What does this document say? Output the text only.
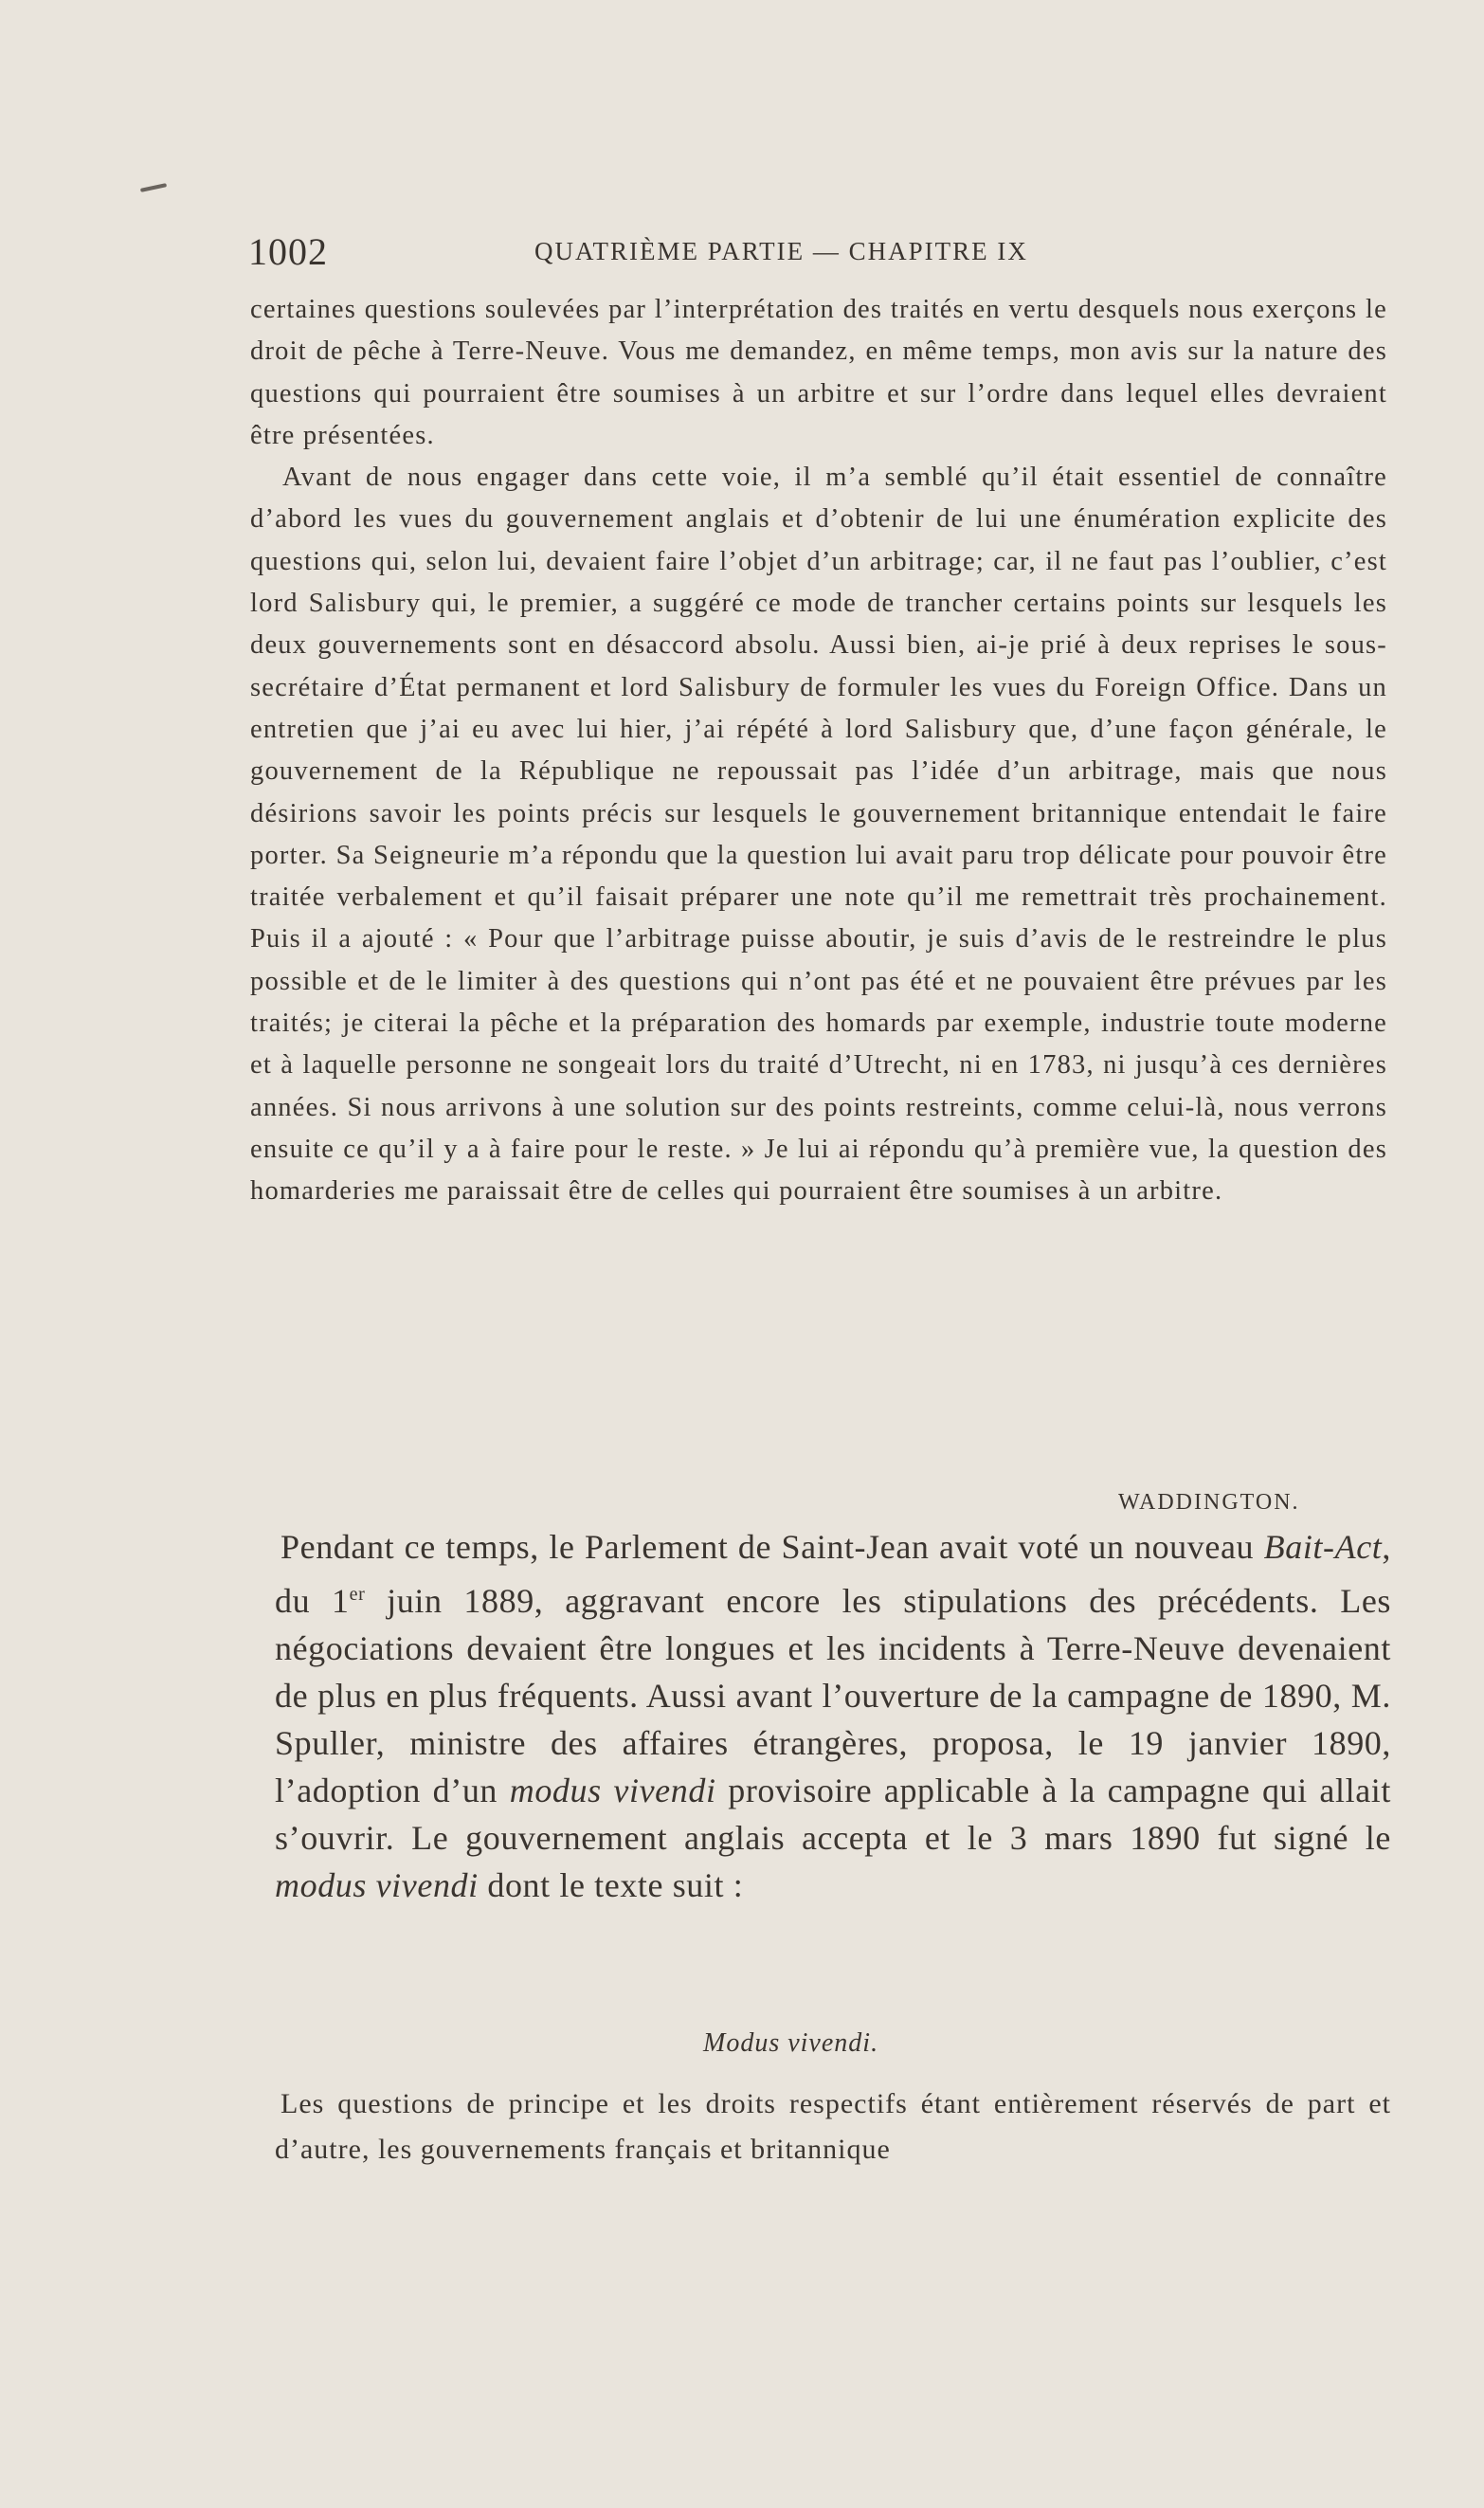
1002	QUATRIÈME PARTIE — CHAPITRE IX

certaines questions soulevées par l’interprétation des traités en vertu desquels nous exerçons le droit de pêche à Terre-Neuve. Vous me demandez, en même temps, mon avis sur la nature des questions qui pourraient être soumises à un arbitre et sur l’ordre dans lequel elles devraient être présentées.

Avant de nous engager dans cette voie, il m’a semblé qu’il était essentiel de connaître d’abord les vues du gouvernement anglais et d’obtenir de lui une énumération explicite des questions qui, selon lui, devaient faire l’objet d’un arbitrage; car, il ne faut pas l’oublier, c’est lord Salisbury qui, le premier, a suggéré ce mode de trancher certains points sur lesquels les deux gouvernements sont en désaccord absolu. Aussi bien, ai-je prié à deux reprises le sous-secrétaire d’État permanent et lord Salisbury de formuler les vues du Foreign Office. Dans un entretien que j’ai eu avec lui hier, j’ai répété à lord Salisbury que, d’une façon générale, le gouvernement de la République ne repoussait pas l’idée d’un arbitrage, mais que nous désirions savoir les points précis sur lesquels le gouvernement britannique entendait le faire porter. Sa Seigneurie m’a répondu que la question lui avait paru trop délicate pour pouvoir être traitée verbalement et qu’il faisait préparer une note qu’il me remettrait très prochainement. Puis il a ajouté : « Pour que l’arbitrage puisse aboutir, je suis d’avis de le restreindre le plus possible et de le limiter à des questions qui n’ont pas été et ne pouvaient être prévues par les traités; je citerai la pêche et la préparation des homards par exemple, industrie toute moderne et à laquelle personne ne songeait lors du traité d’Utrecht, ni en 1783, ni jusqu’à ces dernières années. Si nous arrivons à une solution sur des points restreints, comme celui-là, nous verrons ensuite ce qu’il y a à faire pour le reste. » Je lui ai répondu qu’à première vue, la question des homarderies me paraissait être de celles qui pourraient être soumises à un arbitre.

WADDINGTON.

Pendant ce temps, le Parlement de Saint-Jean avait voté un nouveau Bait-Act, du 1er juin 1889, aggravant encore les stipulations des précédents. Les négociations devaient être longues et les incidents à Terre-Neuve devenaient de plus en plus fréquents. Aussi avant l’ouverture de la campagne de 1890, M. Spuller, ministre des affaires étrangères, proposa, le 19 janvier 1890, l’adoption d’un modus vivendi provisoire applicable à la campagne qui allait s’ouvrir. Le gouvernement anglais accepta et le 3 mars 1890 fut signé le modus vivendi dont le texte suit :

Modus vivendi.

Les questions de principe et les droits respectifs étant entièrement réservés de part et d’autre, les gouvernements français et britannique
